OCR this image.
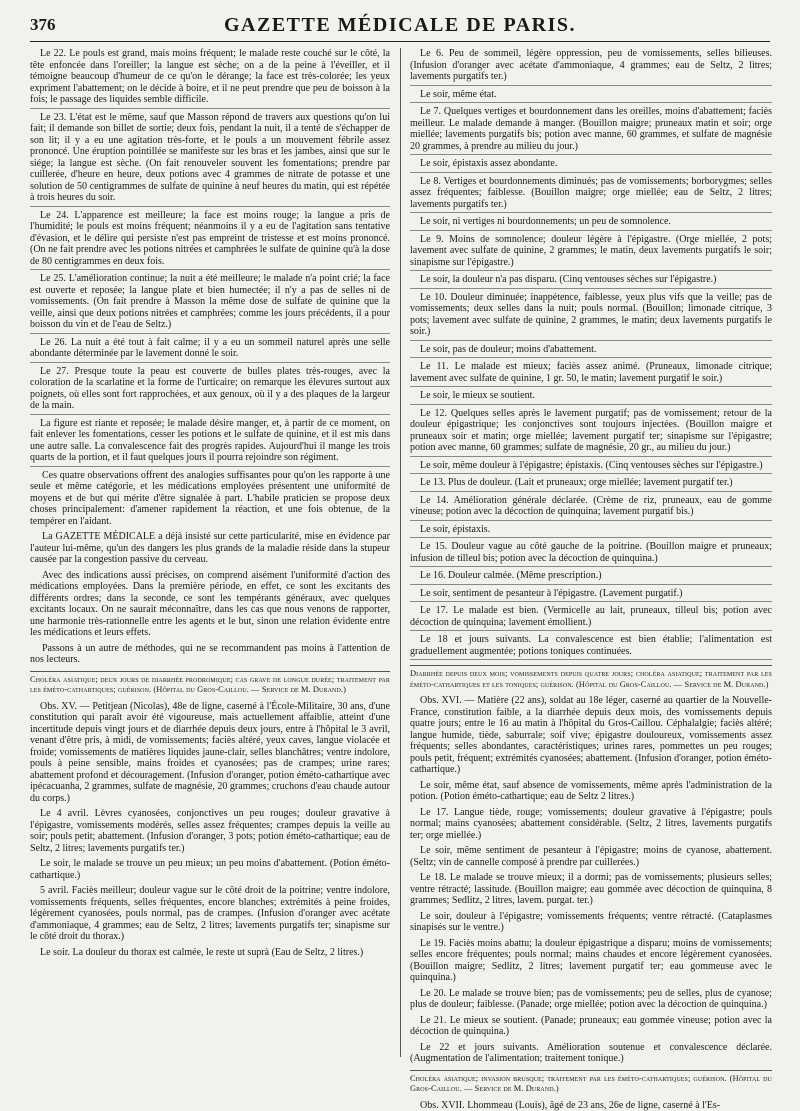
376	GAZETTE MÉDICALE DE PARIS.

Le 22. Le pouls est grand, mais moins fréquent; le malade reste couché sur le côté, la tête enfoncée dans l'oreiller; la langue est sèche; on a de la peine à l'éveiller, et il témoigne beaucoup d'humeur de ce qu'on le dérange; la face est très-colorée; les yeux expriment l'abattement; on le décide à boire, et il ne peut prendre que peu de boisson à la fois; le passage des liquides semble difficile.

Le 23. L'état est le même, sauf que Masson répond de travers aux questions qu'on lui fait; il demande son billet de sortie; deux fois, pendant la nuit, il a tenté de s'échapper de son lit; il y a eu une agitation très-forte, et le pouls a un mouvement fébrile assez prononcé. Une éruption pointillée se manifeste sur les bras et les jambes, ainsi que sur le siége; la langue est sèche. (On fait renouveler souvent les fomentations; prendre par cuillerée, d'heure en heure, deux potions avec 4 grammes de nitrate de potasse et une solution de 50 centigrammes de sulfate de quinine à neuf heures du matin, qui est répétée à trois heures du soir.

Le 24. L'apparence est meilleure; la face est moins rouge; la langue a pris de l'humidité; le pouls est moins fréquent; néanmoins il y a eu de l'agitation sans tentative d'évasion, et le délire qui persiste n'est pas empreint de tristesse et est moins prononcé. (On ne fait prendre avec les potions nitrées et camphrées le sulfate de quinine qu'à la dose de 80 centigrammes en deux fois.

Le 25. L'amélioration continue; la nuit a été meilleure; le malade n'a point crié; la face est ouverte et reposée; la langue plate et bien humectée; il n'y a pas de selles ni de vomissements. (On fait prendre à Masson la même dose de sulfate de quinine que la veille, ainsi que deux potions nitrées et camphrées; comme les jours précédents, il a pour boisson du vin et de l'eau de Seltz.)

Le 26. La nuit a été tout à fait calme; il y a eu un sommeil naturel après une selle abondante déterminée par le lavement donné le soir.

Le 27. Presque toute la peau est couverte de bulles plates très-rouges, avec la coloration de la scarlatine et la forme de l'urticaire; on remarque les élevures surtout aux poignets, où elles sont fort rapprochées, et aux genoux, où il y a des plaques de la largeur de la main.

La figure est riante et reposée; le malade désire manger, et, à partir de ce moment, on fait enlever les fomentations, cesser les potions et le sulfate de quinine, et il est mis dans une autre salle. La convalescence fait des progrès rapides. Aujourd'hui il mange les trois quarts de la portion, et il faut quelques jours il pourra rejoindre son régiment.

Ces quatre observations offrent des analogies suffisantes pour qu'on les rapporte à une seule et même catégorie, et les médications employées présentent une uniformité de moyens et de but qui mérite d'être signalée à part. L'habile praticien se propose deux choses principalement: d'amener rapidement la réaction, et une fois obtenue, de la tempérer en l'aidant.

La GAZETTE MÉDICALE a déjà insisté sur cette particularité, mise en évidence par l'auteur lui-même, qu'un des dangers les plus grands de la maladie réside dans la stupeur causée par la congestion passive du cerveau.

Avec des indications aussi précises, on comprend aisément l'uniformité d'action des médications employées. Dans la première période, en effet, ce sont les excitants des différents ordres; dans la seconde, ce sont les tempérants généraux, avec quelques excitants locaux. On ne saurait méconnaître, dans les cas que nous venons de rapporter, une harmonie très-rationnelle entre les agents et le but, sinon une relation évidente entre les médications et leurs effets.

Passons à un autre de méthodes, qui ne se recommandent pas moins à l'attention de nos lecteurs.

Choléra asiatique; deux jours de diarrhée prodromique; cas grave de longue durée; traitement par les éméto-cathartiques; guérison. (Hôpital du Gros-Caillou. — Service de M. Durand.)

Obs. XV. — Petitjean (Nicolas), 48e de ligne, caserné à l'École-Militaire, 30 ans, d'une constitution qui paraît avoir été vigoureuse, mais actuellement affaiblie, atteint d'une incertitude depuis vingt jours et de diarrhée depuis deux jours, entre à l'hôpital le 3 avril, venant d'être pris, à midi, de vomissements; faciès altéré, yeux caves, langue violacée et froide; vomissements de matières liquides jaune-clair, selles blanchâtres; ventre indolore, pouls à peine sensible, mains froides et cyanosées; pas de crampes; urine rares; abattement profond et découragement. (Infusion d'oranger, potion éméto-cathartique avec ipécacuanha, 2 grammes, sulfate de magnésie, 20 grammes; cruchons d'eau chaude autour du corps.)

Le 4 avril. Lèvres cyanosées, conjonctives un peu rouges; douleur gravative à l'épigastre, vomissements modérés, selles assez fréquentes; crampes depuis la veille au soir; pouls petit; abattement. (Infusion d'oranger, 3 pots; potion éméto-cathartique; eau de Seltz, 2 litres; lavements purgatifs ter.)

Le soir, le malade se trouve un peu mieux; un peu moins d'abattement. (Potion éméto-cathartique.)

5 avril. Faciès meilleur; douleur vague sur le côté droit de la poitrine; ventre indolore, vomissements fréquents, selles fréquentes, encore blanches; extrémités à peine froides, légèrement cyanosées, pouls normal, pas de crampes. (Infusion d'oranger avec acétate d'ammoniaque, 4 grammes; eau de Seltz, 2 litres; lavements purgatifs ter; sinapisme sur le côté droit du thorax.)

Le soir. La douleur du thorax est calmée, le reste ut suprà (Eau de Seltz, 2 litres.)

Le 6. Peu de sommeil, légère oppression, peu de vomissements, selles bilieuses. (Infusion d'oranger avec acétate d'ammoniaque, 4 grammes; eau de Seltz, 2 litres; lavements purgatifs ter.)

Le soir, même état.

Le 7. Quelques vertiges et bourdonnement dans les oreilles, moins d'abattement; faciès meilleur. Le malade demande à manger. (Bouillon maigre; pruneaux matin et soir; orge miellée; lavements purgatifs bis; potion avec manne, 60 grammes, et sulfate de magnésie 20 grammes, à prendre au milieu du jour.)

Le soir, épistaxis assez abondante.

Le 8. Vertiges et bourdonnements diminués; pas de vomissements; borborygmes; selles assez fréquentes; faiblesse. (Bouillon maigre; orge miellée; eau de Seltz, 2 litres; lavements purgatifs ter.)

Le soir, ni vertiges ni bourdonnements; un peu de somnolence.

Le 9. Moins de somnolence; douleur légère à l'épigastre. (Orge miellée, 2 pots; lavement avec sulfate de quinine, 2 grammes; le matin, deux lavements purgatifs le soir; sinapisme sur l'épigastre.)

Le soir, la douleur n'a pas disparu. (Cinq ventouses sèches sur l'épigastre.)

Le 10. Douleur diminuée; inappétence, faiblesse, yeux plus vifs que la veille; pas de vomissements; deux selles dans la nuit; pouls normal. (Bouillon; limonade citrique, 3 pots; lavement avec sulfate de quinine, 2 grammes, le matin; deux lavements purgatifs le soir.)

Le soir, pas de douleur; moins d'abattement.

Le 11. Le malade est mieux; faciès assez animé. (Pruneaux, limonade citrique; lavement avec sulfate de quinine, 1 gr. 50, le matin; lavement purgatif le soir.)

Le soir, le mieux se soutient.

Le 12. Quelques selles après le lavement purgatif; pas de vomissement; retour de la douleur épigastrique; les conjonctives sont toujours injectées. (Bouillon maigre et pruneaux soir et matin; orge miellée; lavement purgatif ter; sinapisme sur l'épigastre; potion avec manne, 60 grammes; sulfate de magnésie, 20 gr., au milieu du jour.)

Le soir, même douleur à l'épigastre; épistaxis. (Cinq ventouses sèches sur l'épigastre.)

Le 13. Plus de douleur. (Lait et pruneaux; orge miellée; lavement purgatif ter.)

Le 14. Amélioration générale déclarée. (Crème de riz, pruneaux, eau de gomme vineuse; potion avec la décoction de quinquina; lavement purgatif bis.)

Le soir, épistaxis.

Le 15. Douleur vague au côté gauche de la poitrine. (Bouillon maigre et pruneaux; infusion de tilleul bis; potion avec la décoction de quinquina.)

Le 16. Douleur calmée. (Même prescription.)

Le soir, sentiment de pesanteur à l'épigastre. (Lavement purgatif.)

Le 17. Le malade est bien. (Vermicelle au lait, pruneaux, tilleul bis; potion avec décoction de quinquina; lavement émollient.)

Le 18 et jours suivants. La convalescence est bien établie; l'alimentation est graduellement augmentée; potions toniques continuées.

Diarrhée depuis deux mois; vomissements depuis quatre jours; choléra asiatique; traitement par les éméto-cathartiques et les toniques; guérison. (Hôpital du Gros-Caillou. — Service de M. Durand.)

Obs. XVI. — Matière (22 ans), soldat au 18e léger, caserné au quartier de la Nouvelle-France, constitution faible, a la diarrhée depuis deux mois, des vomissements depuis quatre jours; entre le 16 au matin à l'hôpital du Gros-Caillou. Céphalalgie; faciès altéré; langue humide, tiède, saburrale; soif vive; épigastre douloureux, vomissements assez fréquents; selles abondantes, caractéristiques; urines rares, pommettes un peu rouges; pouls petit, fréquent; extrémités cyanosées; abattement. (Infusion d'oranger, potion éméto-cathartique.)

Le soir, même état, sauf absence de vomissements, même après l'administration de la potion. (Potion éméto-cathartique; eau de Seltz 2 litres.)

Le 17. Langue tiède, rouge; vomissements; douleur gravative à l'épigastre; pouls normal; mains cyanosées; abattement considérable. (Seltz, 2 litres, lavements purgatifs ter; orge miellée.)

Le soir, même sentiment de pesanteur à l'épigastre; moins de cyanose, abattement. (Seltz; vin de cannelle composé à prendre par cuillerées.)

Le 18. Le malade se trouve mieux; il a dormi; pas de vomissements; plusieurs selles; ventre rétracté; lassitude. (Bouillon maigre; eau gommée avec décoction de quinquina, 8 grammes; Sedlitz, 2 litres, lavem. purgat. ter.)

Le soir, douleur à l'épigastre; vomissements fréquents; ventre rétracté. (Cataplasmes sinapisés sur le ventre.)

Le 19. Faciès moins abattu; la douleur épigastrique a disparu; moins de vomissements; selles encore fréquentes; pouls normal; mains chaudes et encore légèrement cyanosées. (Bouillon maigre; Sedlitz, 2 litres; lavement purgatif ter; eau gommeuse avec le quinquina.)

Le 20. Le malade se trouve bien; pas de vomissements; peu de selles, plus de cyanose; plus de douleur; faiblesse. (Panade; orge miellée; potion avec la décoction de quinquina.)

Le 21. Le mieux se soutient. (Panade; pruneaux; eau gommée vineuse; potion avec la décoction de quinquina.)

Le 22 et jours suivants. Amélioration soutenue et convalescence déclarée. (Augmentation de l'alimentation; traitement tonique.)

Choléra asiatique; invasion brusque; traitement par les éméto-cathartiques; guérison. (Hôpital du Gros-Caillou. — Service de M. Durand.)

Obs. XVII. Lhommeau (Louis), âgé de 23 ans, 26e de ligne, caserné à l'Es-
